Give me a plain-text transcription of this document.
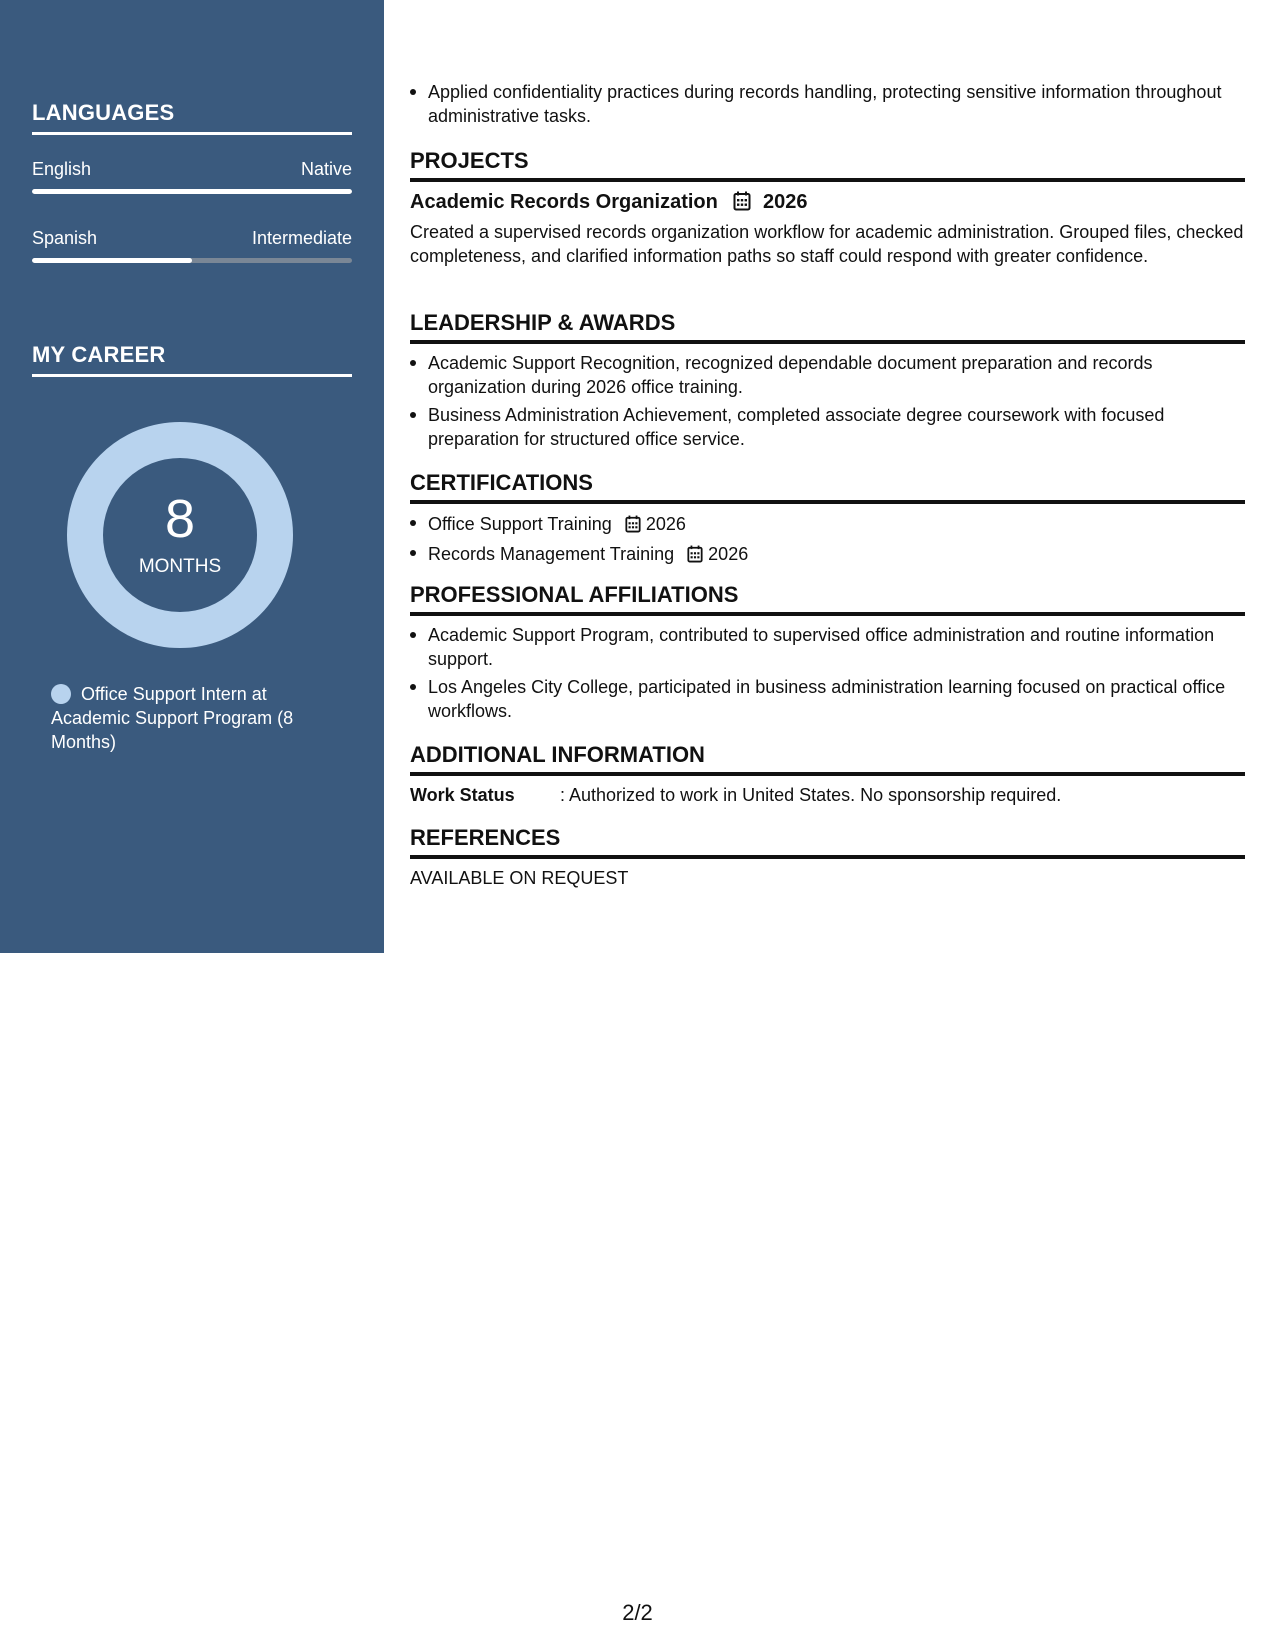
LANGUAGES
English	Native
Spanish	Intermediate
MY CAREER
8
MONTHS
Office Support Intern at Academic Support Program (8 Months)
Applied confidentiality practices during records handling, protecting sensitive information throughout administrative tasks.
PROJECTS
Academic Records Organization 2026
Created a supervised records organization workflow for academic administration. Grouped files, checked completeness, and clarified information paths so staff could respond with greater confidence.
LEADERSHIP & AWARDS
Academic Support Recognition, recognized dependable document preparation and records organization during 2026 office training.
Business Administration Achievement, completed associate degree coursework with focused preparation for structured office service.
CERTIFICATIONS
Office Support Training 2026
Records Management Training 2026
PROFESSIONAL AFFILIATIONS
Academic Support Program, contributed to supervised office administration and routine information support.
Los Angeles City College, participated in business administration learning focused on practical office workflows.
ADDITIONAL INFORMATION
Work Status	: Authorized to work in United States. No sponsorship required.
REFERENCES
AVAILABLE ON REQUEST
2/2
